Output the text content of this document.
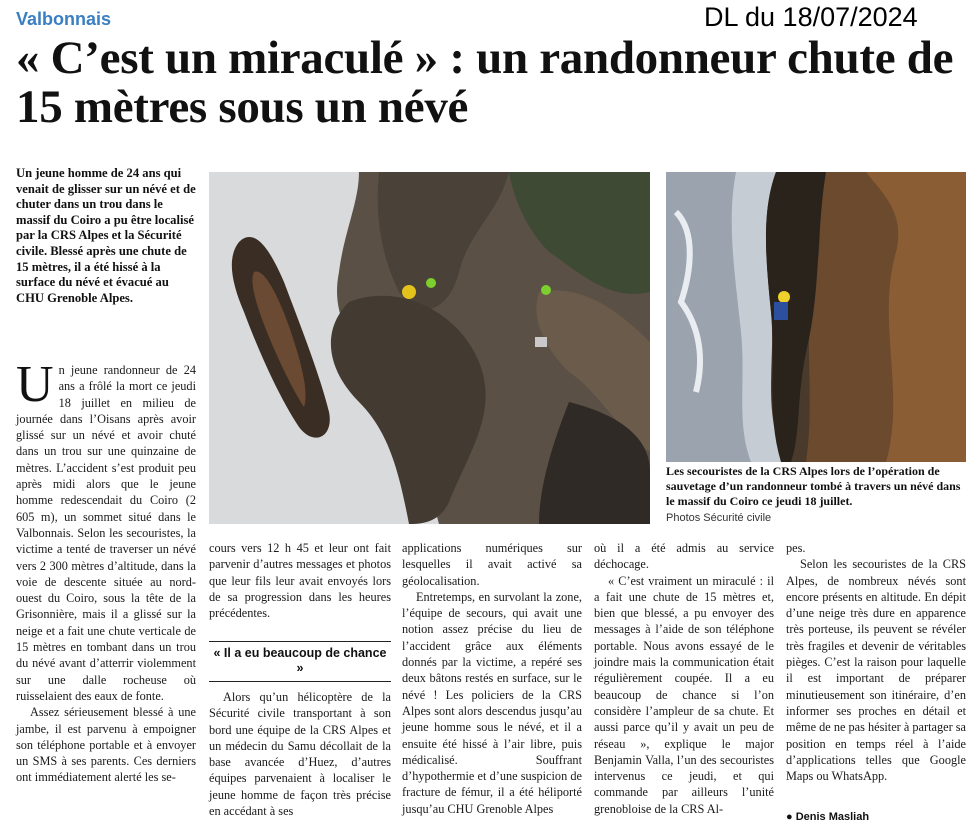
Valbonnais	DL du 18/07/2024
« C’est un miraculé » : un randonneur chute de 15 mètres sous un névé

Un jeune homme de 24 ans qui venait de glisser sur un névé et de chuter dans un trou dans le massif du Coiro a pu être localisé par la CRS Alpes et la Sécurité civile. Blessé après une chute de 15 mètres, il a été hissé à la surface du névé et évacué au CHU Grenoble Alpes.

Les secouristes de la CRS Alpes lors de l’opération de sauvetage d’un randonneur tombé à travers un névé dans le massif du Coiro ce jeudi 18 juillet.

Photos Sécurité civile

Un jeune randonneur de 24 ans a frôlé la mort ce jeudi 18 juillet en milieu de journée dans l’Oisans après avoir glissé sur un névé et avoir chuté dans un trou sur une quinzaine de mètres. L’accident s’est produit peu après midi alors que le jeune homme redescendait du Coiro (2 605 m), un sommet situé dans le Valbonnais. Selon les secouristes, la victime a tenté de traverser un névé vers 2 300 mètres d’altitude, dans la voie de descente située au nord-ouest du Coiro, sous la tête de la Grisonnière, mais il a glissé sur la neige et a fait une chute verticale de 15 mètres en tombant dans un trou du névé avant d’atterrir violemment sur une dalle rocheuse où ruisselaient des eaux de fonte.

Assez sérieusement blessé à une jambe, il est parvenu à empoigner son téléphone portable et à envoyer un SMS à ses parents. Ces derniers ont immédiatement alerté les se-

cours vers 12 h 45 et leur ont fait parvenir d’autres messages et photos que leur fils leur avait envoyés lors de sa progression dans les heures précédentes.

« Il a eu beaucoup de chance »

Alors qu’un hélicoptère de la Sécurité civile transportant à son bord une équipe de la CRS Alpes et un médecin du Samu décollait de la base avancée d’Huez, d’autres équipes parvenaient à localiser le jeune homme de façon très précise en accédant à ses

applications numériques sur lesquelles il avait activé sa géolocalisation.

Entretemps, en survolant la zone, l’équipe de secours, qui avait une notion assez précise du lieu de l’accident grâce aux éléments donnés par la victime, a repéré ses deux bâtons restés en surface, sur le névé ! Les policiers de la CRS Alpes sont alors descendus jusqu’au jeune homme sous le névé, et il a ensuite été hissé à l’air libre, puis médicalisé. Souffrant d’hypothermie et d’une suspicion de fracture de fémur, il a été héliporté jusqu’au CHU Grenoble Alpes

où il a été admis au service déchocage.

« C’est vraiment un miraculé : il a fait une chute de 15 mètres et, bien que blessé, a pu envoyer des messages à l’aide de son téléphone portable. Nous avons essayé de le joindre mais la communication était régulièrement coupée. Il a eu beaucoup de chance si l’on considère l’ampleur de sa chute. Et aussi parce qu’il y avait un peu de réseau », explique le major Benjamin Valla, l’un des secouristes intervenus ce jeudi, et qui commande par ailleurs l’unité grenobloise de la CRS Al-

pes.

Selon les secouristes de la CRS Alpes, de nombreux névés sont encore présents en altitude. En dépit d’une neige très dure en apparence très porteuse, ils peuvent se révéler très fragiles et devenir de véritables pièges. C’est la raison pour laquelle il est important de préparer minutieusement son itinéraire, d’en informer ses proches en détail et même de ne pas hésiter à partager sa position en temps réel à l’aide d’applications telles que Google Maps ou WhatsApp.

● Denis Masliah
